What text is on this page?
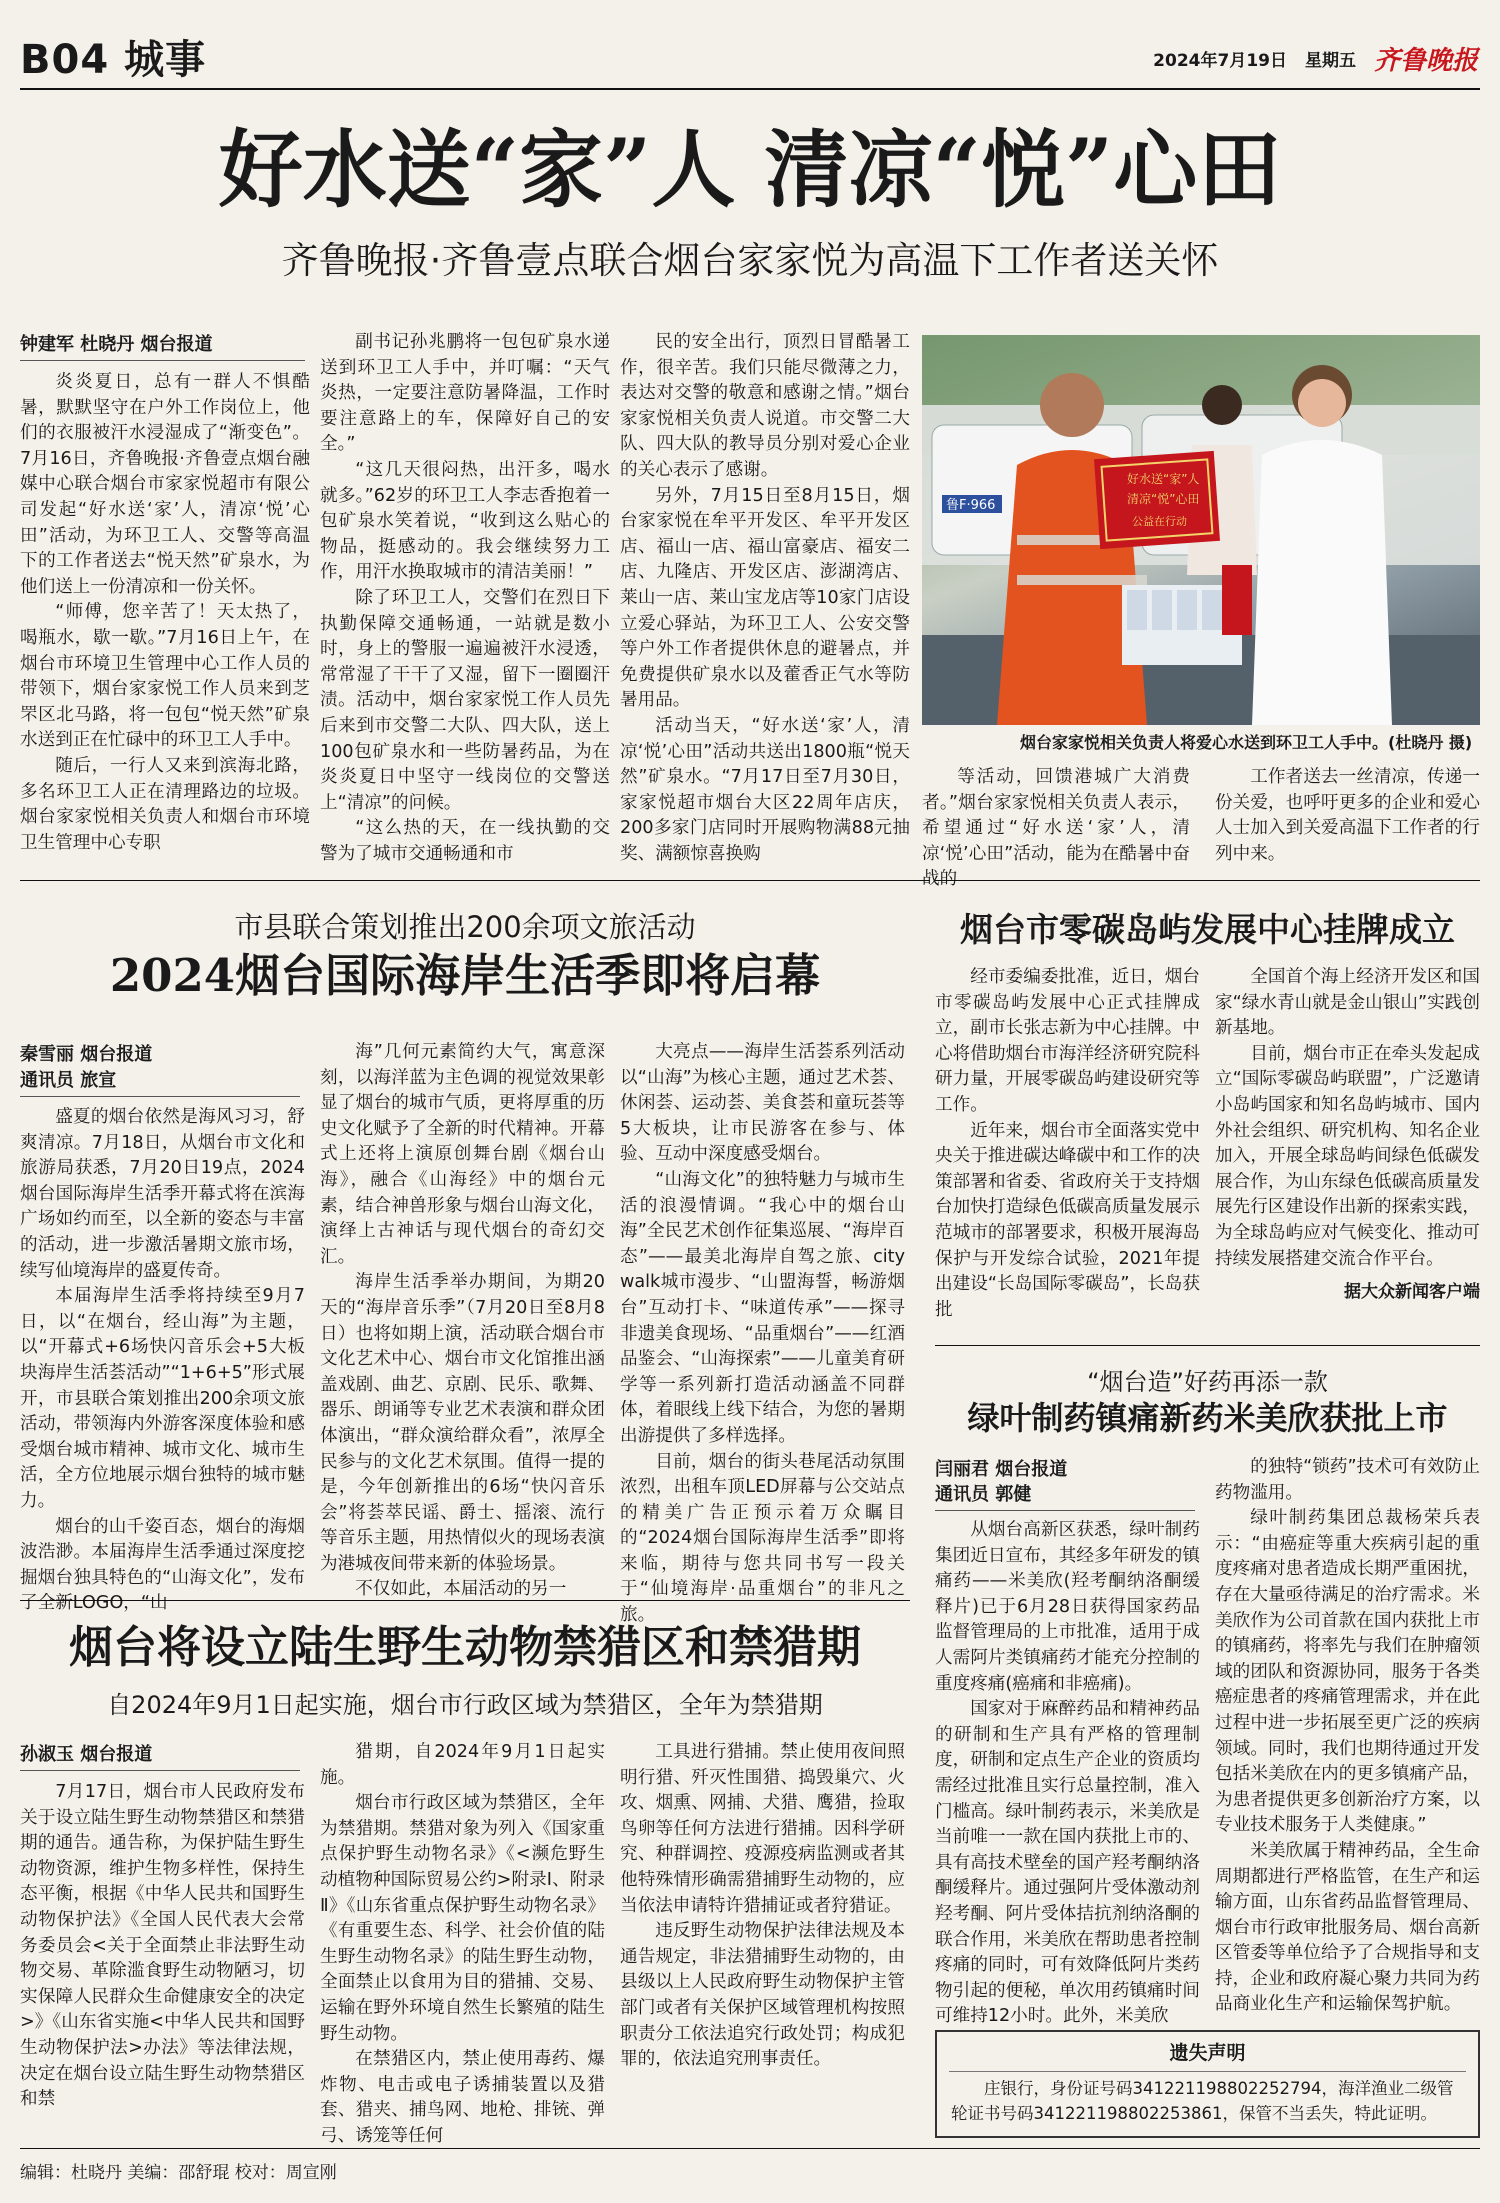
B04 城事	2024年7月19日 星期五 齐鲁晚报
好水送“家”人 清凉“悦”心田
齐鲁晚报·齐鲁壹点联合烟台家家悦为高温下工作者送关怀
钟建军 杜晓丹 烟台报道

炎炎夏日，总有一群人不惧酷暑，默默坚守在户外工作岗位上，他们的衣服被汗水浸湿成了“渐变色”。7月16日，齐鲁晚报·齐鲁壹点烟台融媒中心联合烟台市家家悦超市有限公司发起“好水送‘家’人，清凉‘悦’心田”活动，为环卫工人、交警等高温下的工作者送去“悦天然”矿泉水，为他们送上一份清凉和一份关怀。

“师傅，您辛苦了！天太热了，喝瓶水，歇一歇。”7月16日上午，在烟台市环境卫生管理中心工作人员的带领下，烟台家家悦工作人员来到芝罘区北马路，将一包包“悦天然”矿泉水送到正在忙碌中的环卫工人手中。

随后，一行人又来到滨海北路，多名环卫工人正在清理路边的垃圾。烟台家家悦相关负责人和烟台市环境卫生管理中心专职

副书记孙兆鹏将一包包矿泉水递送到环卫工人手中，并叮嘱：“天气炎热，一定要注意防暑降温，工作时要注意路上的车，保障好自己的安全。”

“这几天很闷热，出汗多，喝水就多。”62岁的环卫工人李志香抱着一包矿泉水笑着说，“收到这么贴心的物品，挺感动的。我会继续努力工作，用汗水换取城市的清洁美丽！”

除了环卫工人，交警们在烈日下执勤保障交通畅通，一站就是数小时，身上的警服一遍遍被汗水浸透，常常湿了干干了又湿，留下一圈圈汗渍。活动中，烟台家家悦工作人员先后来到市交警二大队、四大队，送上100包矿泉水和一些防暑药品，为在炎炎夏日中坚守一线岗位的交警送上“清凉”的问候。

“这么热的天，在一线执勤的交警为了城市交通畅通和市

民的安全出行，顶烈日冒酷暑工作，很辛苦。我们只能尽微薄之力，表达对交警的敬意和感谢之情。”烟台家家悦相关负责人说道。市交警二大队、四大队的教导员分别对爱心企业的关心表示了感谢。

另外，7月15日至8月15日，烟台家家悦在牟平开发区、牟平开发区店、福山一店、福山富豪店、福安二店、九隆店、开发区店、澎湖湾店、莱山一店、莱山宝龙店等10家门店设立爱心驿站，为环卫工人、公安交警等户外工作者提供休息的避暑点，并免费提供矿泉水以及藿香正气水等防暑用品。

活动当天，“好水送‘家’人，清凉‘悦’心田”活动共送出1800瓶“悦天然”矿泉水。“7月17日至7月30日，家家悦超市烟台大区22周年店庆，200多家门店同时开展购物满88元抽奖、满额惊喜换购

鲁F·966
好水送“家”人
清凉“悦”心田
公益在行动
烟台家家悦相关负责人将爱心水送到环卫工人手中。(杜晓丹 摄)

等活动，回馈港城广大消费者。”烟台家家悦相关负责人表示，希望通过“好水送‘家’人，清凉‘悦’心田”活动，能为在酷暑中奋战的

工作者送去一丝清凉，传递一份关爱，也呼吁更多的企业和爱心人士加入到关爱高温下工作者的行列中来。

市县联合策划推出200余项文旅活动
2024烟台国际海岸生活季即将启幕
秦雪丽 烟台报道
通讯员 旅宣

盛夏的烟台依然是海风习习，舒爽清凉。7月18日，从烟台市文化和旅游局获悉，7月20日19点，2024烟台国际海岸生活季开幕式将在滨海广场如约而至，以全新的姿态与丰富的活动，进一步激活暑期文旅市场，续写仙境海岸的盛夏传奇。

本届海岸生活季将持续至9月7日，以“在烟台，经山海”为主题，以“开幕式+6场快闪音乐会+5大板块海岸生活荟活动”“1+6+5”形式展开，市县联合策划推出200余项文旅活动，带领海内外游客深度体验和感受烟台城市精神、城市文化、城市生活，全方位地展示烟台独特的城市魅力。

烟台的山千姿百态，烟台的海烟波浩渺。本届海岸生活季通过深度挖掘烟台独具特色的“山海文化”，发布了全新LOGO，“山

海”几何元素简约大气，寓意深刻，以海洋蓝为主色调的视觉效果彰显了烟台的城市气质，更将厚重的历史文化赋予了全新的时代精神。开幕式上还将上演原创舞台剧《烟台山海》，融合《山海经》中的烟台元素，结合神兽形象与烟台山海文化，演绎上古神话与现代烟台的奇幻交汇。

海岸生活季举办期间，为期20天的“海岸音乐季”（7月20日至8月8日）也将如期上演，活动联合烟台市文化艺术中心、烟台市文化馆推出涵盖戏剧、曲艺、京剧、民乐、歌舞、器乐、朗诵等专业艺术表演和群众团体演出，“群众演给群众看”，浓厚全民参与的文化艺术氛围。值得一提的是，今年创新推出的6场“快闪音乐会”将荟萃民谣、爵士、摇滚、流行等音乐主题，用热情似火的现场表演为港城夜间带来新的体验场景。

不仅如此，本届活动的另一

大亮点——海岸生活荟系列活动以“山海”为核心主题，通过艺术荟、休闲荟、运动荟、美食荟和童玩荟等5大板块，让市民游客在参与、体验、互动中深度感受烟台。

“山海文化”的独特魅力与城市生活的浪漫情调。“我心中的烟台山海”全民艺术创作征集巡展、“海岸百态”——最美北海岸自驾之旅、city walk城市漫步、“山盟海誓，畅游烟台”互动打卡、“味道传承”——探寻非遗美食现场、“品重烟台”——红酒品鉴会、“山海探索”——儿童美育研学等一系列新打造活动涵盖不同群体，着眼线上线下结合，为您的暑期出游提供了多样选择。

目前，烟台的街头巷尾活动氛围浓烈，出租车顶LED屏幕与公交站点的精美广告正预示着万众瞩目的“2024烟台国际海岸生活季”即将来临，期待与您共同书写一段关于“仙境海岸·品重烟台”的非凡之旅。

烟台将设立陆生野生动物禁猎区和禁猎期
自2024年9月1日起实施，烟台市行政区域为禁猎区，全年为禁猎期
孙淑玉 烟台报道

7月17日，烟台市人民政府发布关于设立陆生野生动物禁猎区和禁猎期的通告。通告称，为保护陆生野生动物资源，维护生物多样性，保持生态平衡，根据《中华人民共和国野生动物保护法》《全国人民代表大会常务委员会<关于全面禁止非法野生动物交易、革除滥食野生动物陋习，切实保障人民群众生命健康安全的决定>》《山东省实施<中华人民共和国野生动物保护法>办法》等法律法规，决定在烟台设立陆生野生动物禁猎区和禁

猎期，自2024年9月1日起实施。

烟台市行政区域为禁猎区，全年为禁猎期。禁猎对象为列入《国家重点保护野生动物名录》《<濒危野生动植物种国际贸易公约>附录Ⅰ、附录Ⅱ》《山东省重点保护野生动物名录》《有重要生态、科学、社会价值的陆生野生动物名录》的陆生野生动物，全面禁止以食用为目的猎捕、交易、运输在野外环境自然生长繁殖的陆生野生动物。

在禁猎区内，禁止使用毒药、爆炸物、电击或电子诱捕装置以及猎套、猎夹、捕鸟网、地枪、排铳、弹弓、诱笼等任何

工具进行猎捕。禁止使用夜间照明行猎、歼灭性围猎、捣毁巢穴、火攻、烟熏、网捕、犬猎、鹰猎，捡取鸟卵等任何方法进行猎捕。因科学研究、种群调控、疫源疫病监测或者其他特殊情形确需猎捕野生动物的，应当依法申请特许猎捕证或者狩猎证。

违反野生动物保护法律法规及本通告规定，非法猎捕野生动物的，由县级以上人民政府野生动物保护主管部门或者有关保护区域管理机构按照职责分工依法追究行政处罚；构成犯罪的，依法追究刑事责任。

烟台市零碳岛屿发展中心挂牌成立

经市委编委批准，近日，烟台市零碳岛屿发展中心正式挂牌成立，副市长张志新为中心挂牌。中心将借助烟台市海洋经济研究院科研力量，开展零碳岛屿建设研究等工作。

近年来，烟台市全面落实党中央关于推进碳达峰碳中和工作的决策部署和省委、省政府关于支持烟台加快打造绿色低碳高质量发展示范城市的部署要求，积极开展海岛保护与开发综合试验，2021年提出建设“长岛国际零碳岛”，长岛获批

全国首个海上经济开发区和国家“绿水青山就是金山银山”实践创新基地。

目前，烟台市正在牵头发起成立“国际零碳岛屿联盟”，广泛邀请小岛屿国家和知名岛屿城市、国内外社会组织、研究机构、知名企业加入，开展全球岛屿间绿色低碳发展合作，为山东绿色低碳高质量发展先行区建设作出新的探索实践，为全球岛屿应对气候变化、推动可持续发展搭建交流合作平台。

据大众新闻客户端
“烟台造”好药再添一款
绿叶制药镇痛新药米美欣获批上市
闫丽君 烟台报道
通讯员 郭健

从烟台高新区获悉，绿叶制药集团近日宣布，其经多年研发的镇痛药——米美欣(羟考酮纳洛酮缓释片)已于6月28日获得国家药品监督管理局的上市批准，适用于成人需阿片类镇痛药才能充分控制的重度疼痛(癌痛和非癌痛)。

国家对于麻醉药品和精神药品的研制和生产具有严格的管理制度，研制和定点生产企业的资质均需经过批准且实行总量控制，准入门槛高。绿叶制药表示，米美欣是当前唯一一款在国内获批上市的、具有高技术壁垒的国产羟考酮纳洛酮缓释片。通过强阿片受体激动剂羟考酮、阿片受体拮抗剂纳洛酮的联合作用，米美欣在帮助患者控制疼痛的同时，可有效降低阿片类药物引起的便秘，单次用药镇痛时间可维持12小时。此外，米美欣

的独特“锁药”技术可有效防止药物滥用。

绿叶制药集团总裁杨荣兵表示：“由癌症等重大疾病引起的重度疼痛对患者造成长期严重困扰，存在大量亟待满足的治疗需求。米美欣作为公司首款在国内获批上市的镇痛药，将率先与我们在肿瘤领域的团队和资源协同，服务于各类癌症患者的疼痛管理需求，并在此过程中进一步拓展至更广泛的疾病领域。同时，我们也期待通过开发包括米美欣在内的更多镇痛产品，为患者提供更多创新治疗方案，以专业技术服务于人类健康。”

米美欣属于精神药品，全生命周期都进行严格监管，在生产和运输方面，山东省药品监督管理局、烟台市行政审批服务局、烟台高新区管委等单位给予了合规指导和支持，企业和政府凝心聚力共同为药品商业化生产和运输保驾护航。

遗失声明
庄银行，身份证号码341221198802252794，海洋渔业二级管轮证书号码341221198802253861，保管不当丢失，特此证明。
编辑：杜晓丹 美编：邵舒琨 校对：周宣刚
